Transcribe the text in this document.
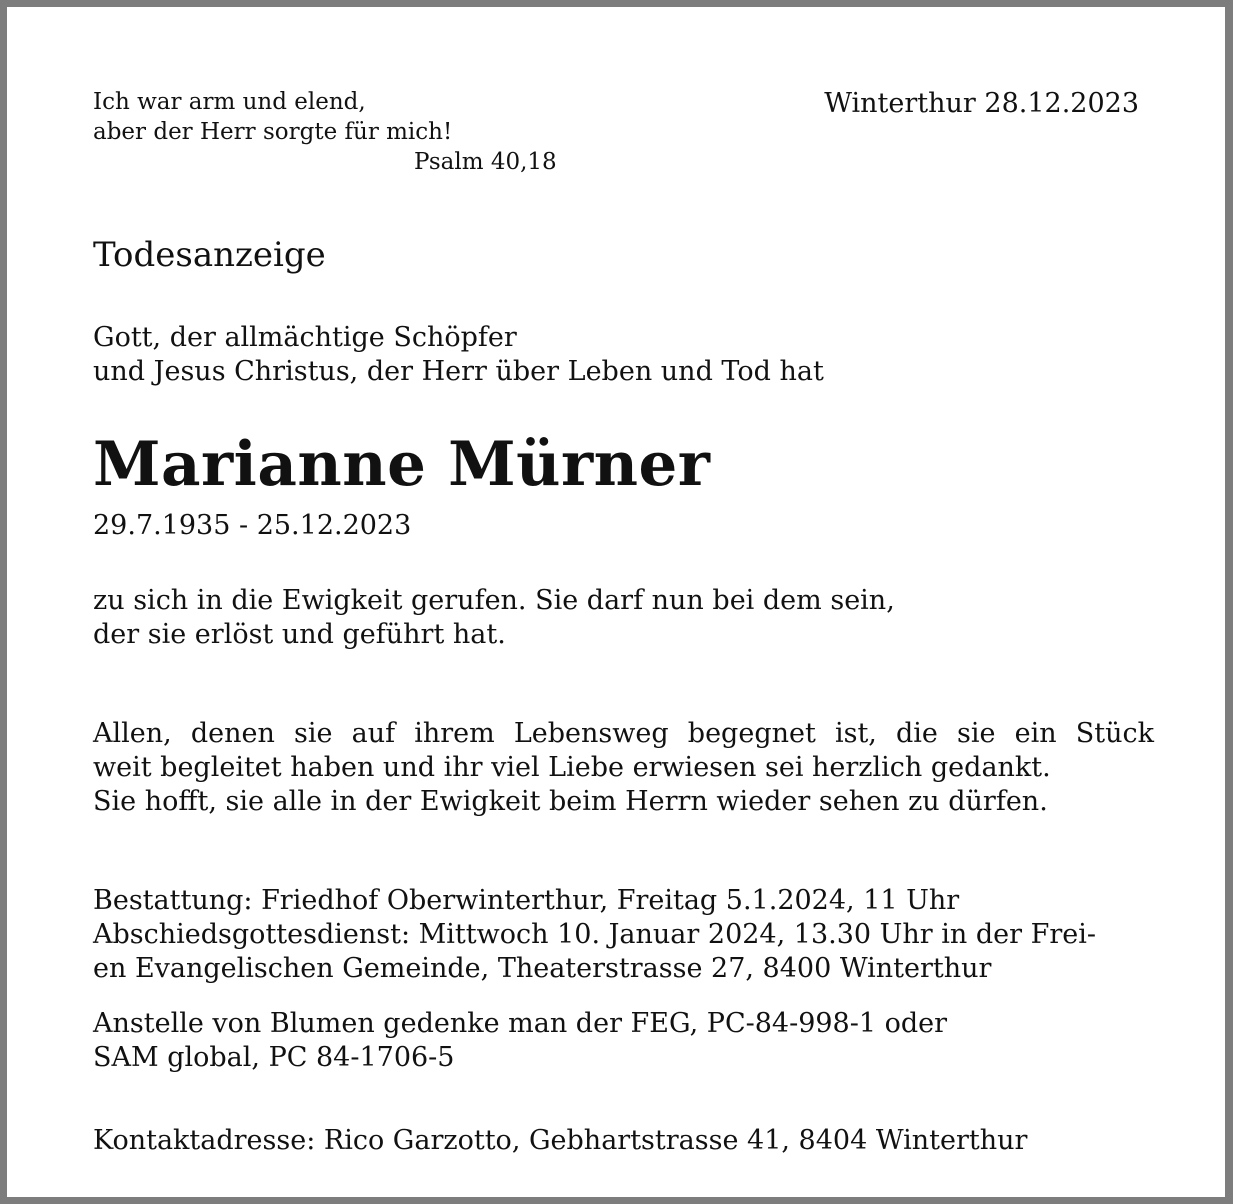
Ich war arm und elend,
aber der Herr sorgte für mich!
Psalm 40,18
Winterthur 28.12.2023
Todesanzeige
Gott, der allmächtige Schöpfer
und Jesus Christus, der Herr über Leben und Tod hat
Marianne Mürner
29.7.1935 - 25.12.2023
zu sich in die Ewigkeit gerufen. Sie darf nun bei dem sein,
der sie erlöst und geführt hat.
Allen, denen sie auf ihrem Lebensweg begegnet ist, die sie ein Stück
weit begleitet haben und ihr viel Liebe erwiesen sei herzlich gedankt.
Sie hofft, sie alle in der Ewigkeit beim Herrn wieder sehen zu dürfen.
Bestattung: Friedhof Oberwinterthur, Freitag 5.1.2024, 11 Uhr
Abschiedsgottesdienst: Mittwoch 10. Januar 2024, 13.30 Uhr in der Frei-
en Evangelischen Gemeinde, Theaterstrasse 27, 8400 Winterthur
Anstelle von Blumen gedenke man der FEG, PC-84-998-1 oder
SAM global, PC 84-1706-5
Kontaktadresse: Rico Garzotto, Gebhartstrasse 41, 8404 Winterthur
